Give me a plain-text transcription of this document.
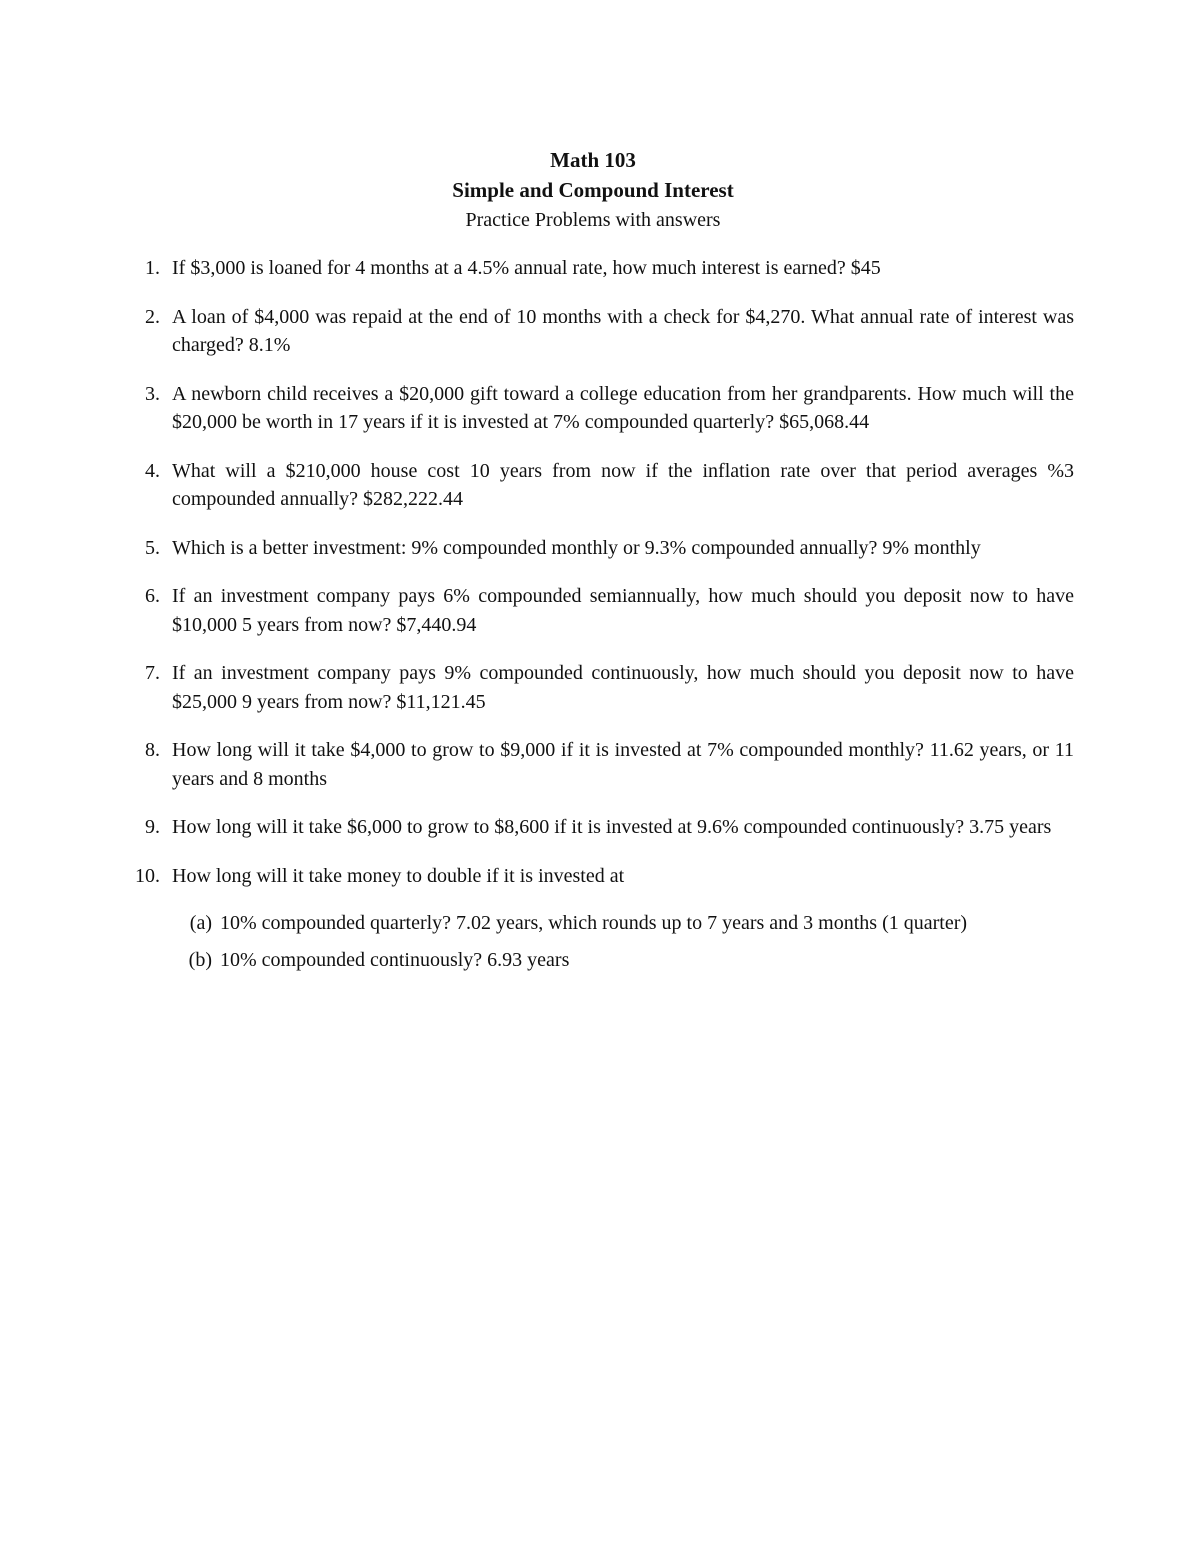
Math 103
Simple and Compound Interest
Practice Problems with answers
1. If $3,000 is loaned for 4 months at a 4.5% annual rate, how much interest is earned? $45
2. A loan of $4,000 was repaid at the end of 10 months with a check for $4,270. What annual rate of interest was charged? 8.1%
3. A newborn child receives a $20,000 gift toward a college education from her grandparents. How much will the $20,000 be worth in 17 years if it is invested at 7% compounded quarterly? $65,068.44
4. What will a $210,000 house cost 10 years from now if the inflation rate over that period averages %3 compounded annually? $282,222.44
5. Which is a better investment: 9% compounded monthly or 9.3% compounded annually? 9% monthly
6. If an investment company pays 6% compounded semiannually, how much should you deposit now to have $10,000 5 years from now? $7,440.94
7. If an investment company pays 9% compounded continuously, how much should you deposit now to have $25,000 9 years from now? $11,121.45
8. How long will it take $4,000 to grow to $9,000 if it is invested at 7% compounded monthly? 11.62 years, or 11 years and 8 months
9. How long will it take $6,000 to grow to $8,600 if it is invested at 9.6% compounded continuously? 3.75 years
10. How long will it take money to double if it is invested at
(a) 10% compounded quarterly? 7.02 years, which rounds up to 7 years and 3 months (1 quarter)
(b) 10% compounded continuously? 6.93 years
